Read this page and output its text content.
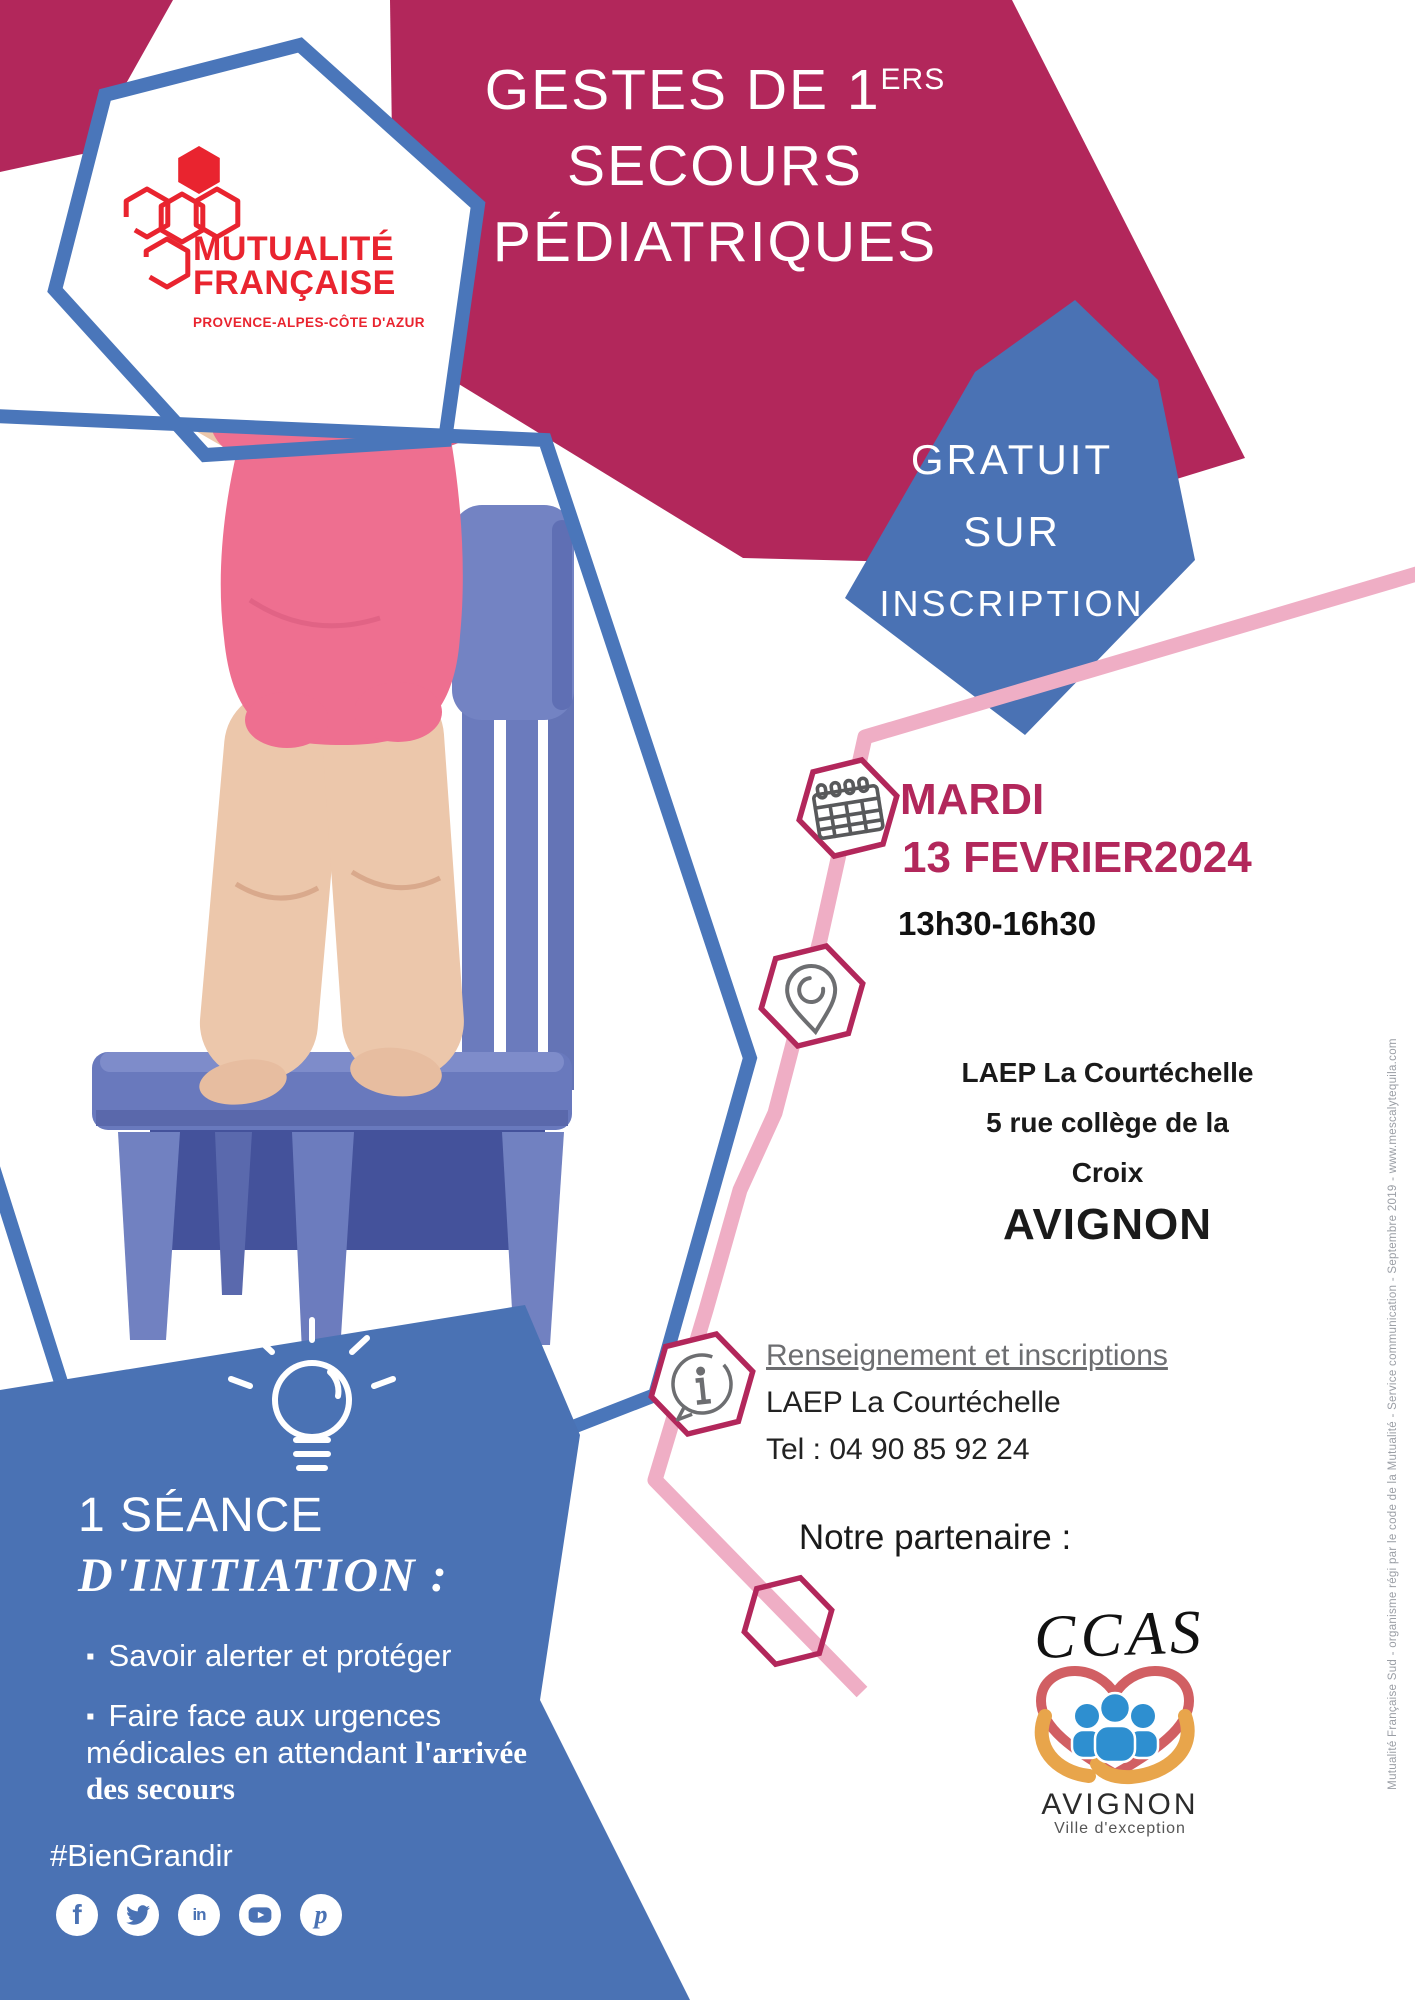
GESTES DE 1ERS
SECOURS
PÉDIATRIQUES
MUTUALITÉ
FRANÇAISE
PROVENCE-ALPES-CÔTE D'AZUR
GRATUIT
SUR
INSCRIPTION
MARDI
13 FEVRIER2024
13h30-16h30
LAEP La Courtéchelle
5 rue collège de la Croix
AVIGNON
Renseignement et inscriptions
LAEP La Courtéchelle
Tel : 04 90 85 92 24
Notre partenaire :
CCAS
AVIGNON
Ville d'exception
1 SÉANCE
D'INITIATION :
▪ Savoir alerter et protéger
▪ Faire face aux urgences médicales en attendant l'arrivée des secours
#BienGrandir
f	in	p
Mutualité Française Sud - organisme régi par le code de la Mutualité - Service communication - Septembre 2019 - www.mescalytequila.com
